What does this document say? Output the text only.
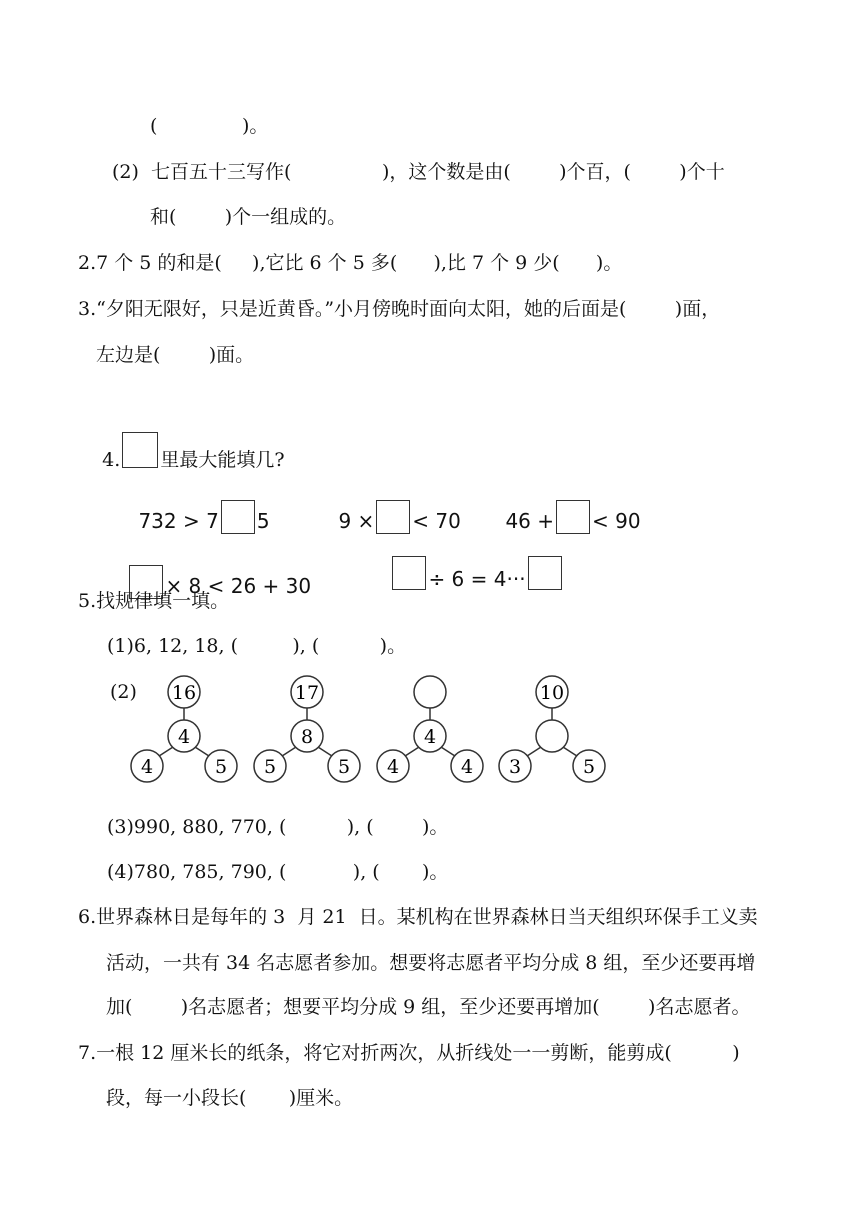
(              )。
(2)  七百五十三写作(               )，这个数是由(        )个百，(        )个十
和(        )个一组成的。
2.7 个 5 的和是(     ),它比 6 个 5 多(      ),比 7 个 9 少(      )。
3.“夕阳无限好，只是近黄昏。”小月傍晚时面向太阳，她的后面是(        )面，
左边是(        )面。

4. 里最大能填几?

732 > 7 5
	9 × < 70
	46 + < 90

× 8 < 26 + 30
	÷ 6 = 4···

5.找规律填一填。
(1)6, 12, 18, (         ), (          )。
(2) 16
4
4	5
17
8
5	5
4
4	4
10
3	5
(3)990, 880, 770, (          ), (        )。
(4)780, 785, 790, (           ), (       )。
6.世界森林日是每年的 3  月 21  日。某机构在世界森林日当天组织环保手工义卖
活动，一共有 34 名志愿者参加。想要将志愿者平均分成 8 组，至少还要再增
加(        )名志愿者；想要平均分成 9 组，至少还要再增加(        )名志愿者。
7.一根 12 厘米长的纸条，将它对折两次，从折线处一一剪断，能剪成(          )
段，每一小段长(       )厘米。
